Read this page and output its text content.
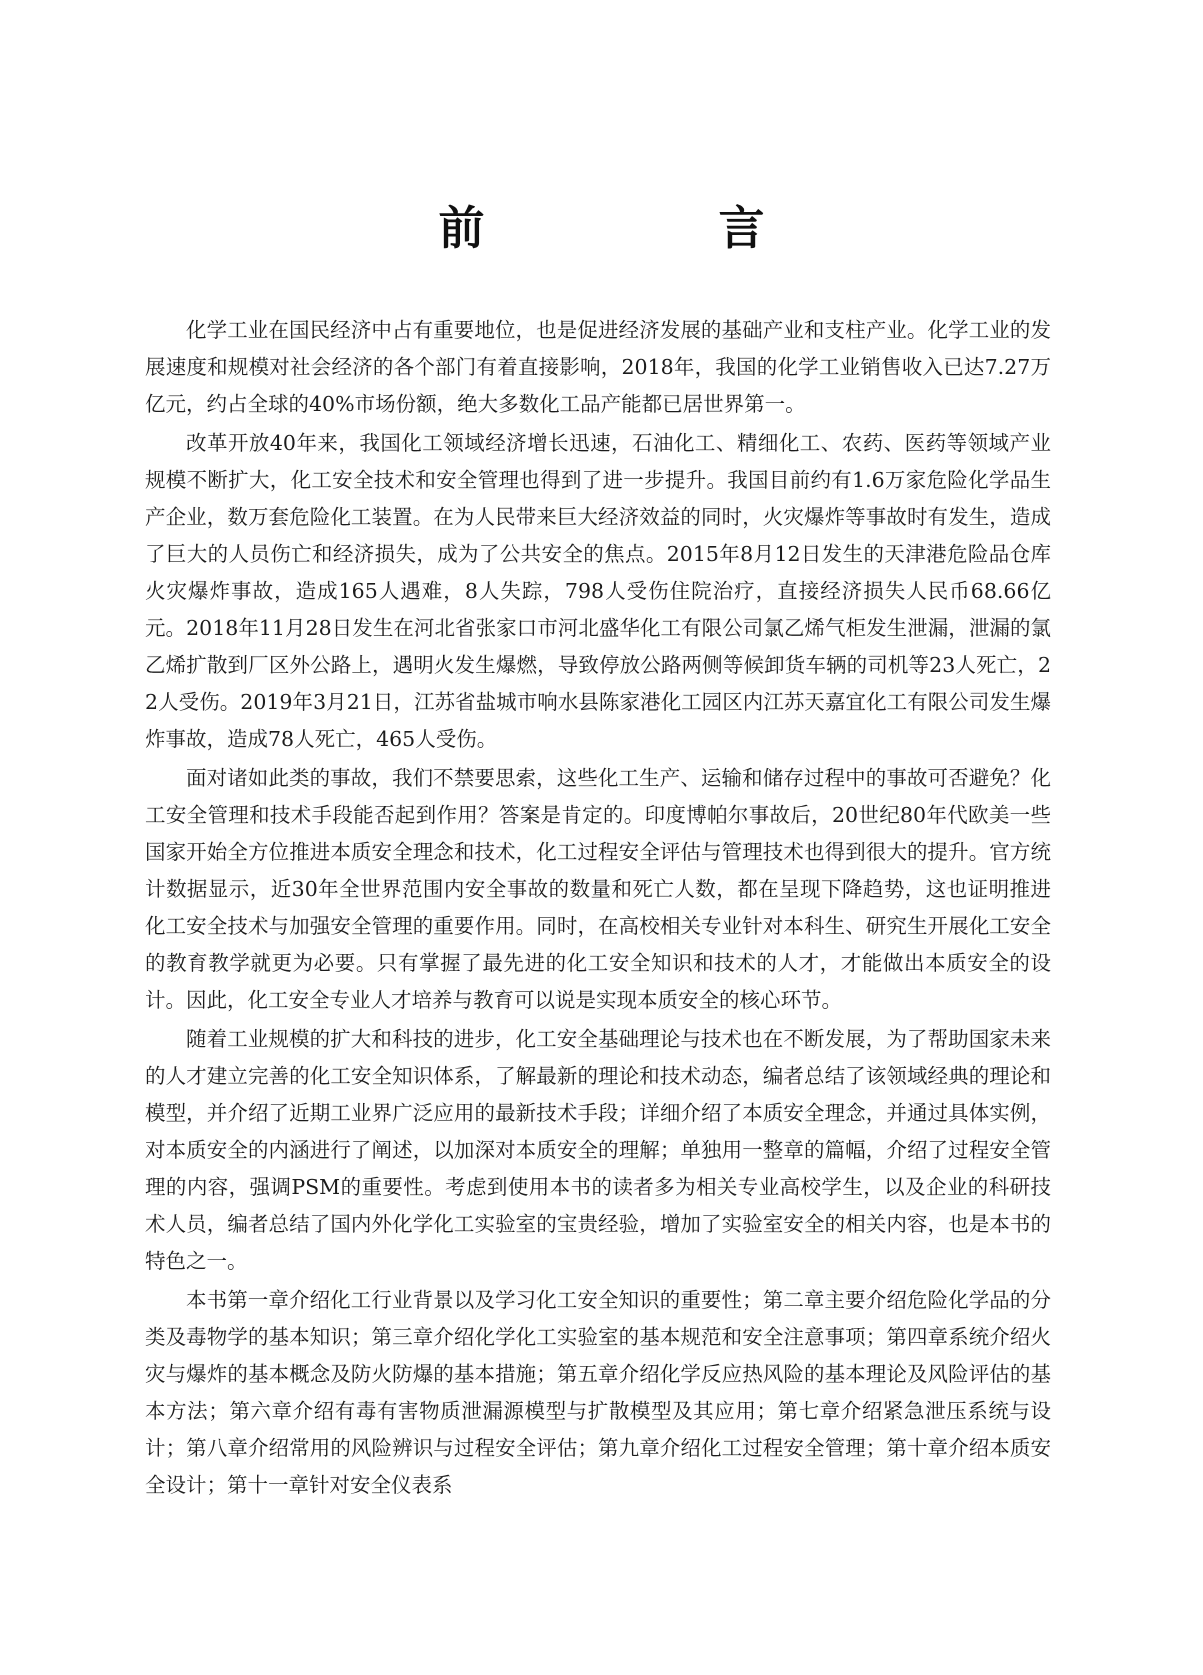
前　言

化学工业在国民经济中占有重要地位，也是促进经济发展的基础产业和支柱产业。化学工业的发展速度和规模对社会经济的各个部门有着直接影响，2018年，我国的化学工业销售收入已达7.27万亿元，约占全球的40%市场份额，绝大多数化工品产能都已居世界第一。

改革开放40年来，我国化工领域经济增长迅速，石油化工、精细化工、农药、医药等领域产业规模不断扩大，化工安全技术和安全管理也得到了进一步提升。我国目前约有1.6万家危险化学品生产企业，数万套危险化工装置。在为人民带来巨大经济效益的同时，火灾爆炸等事故时有发生，造成了巨大的人员伤亡和经济损失，成为了公共安全的焦点。2015年8月12日发生的天津港危险品仓库火灾爆炸事故，造成165人遇难，8人失踪，798人受伤住院治疗，直接经济损失人民币68.66亿元。2018年11月28日发生在河北省张家口市河北盛华化工有限公司氯乙烯气柜发生泄漏，泄漏的氯乙烯扩散到厂区外公路上，遇明火发生爆燃，导致停放公路两侧等候卸货车辆的司机等23人死亡，22人受伤。2019年3月21日，江苏省盐城市响水县陈家港化工园区内江苏天嘉宜化工有限公司发生爆炸事故，造成78人死亡，465人受伤。

面对诸如此类的事故，我们不禁要思索，这些化工生产、运输和储存过程中的事故可否避免？化工安全管理和技术手段能否起到作用？答案是肯定的。印度博帕尔事故后，20世纪80年代欧美一些国家开始全方位推进本质安全理念和技术，化工过程安全评估与管理技术也得到很大的提升。官方统计数据显示，近30年全世界范围内安全事故的数量和死亡人数，都在呈现下降趋势，这也证明推进化工安全技术与加强安全管理的重要作用。同时，在高校相关专业针对本科生、研究生开展化工安全的教育教学就更为必要。只有掌握了最先进的化工安全知识和技术的人才，才能做出本质安全的设计。因此，化工安全专业人才培养与教育可以说是实现本质安全的核心环节。

随着工业规模的扩大和科技的进步，化工安全基础理论与技术也在不断发展，为了帮助国家未来的人才建立完善的化工安全知识体系，了解最新的理论和技术动态，编者总结了该领域经典的理论和模型，并介绍了近期工业界广泛应用的最新技术手段；详细介绍了本质安全理念，并通过具体实例，对本质安全的内涵进行了阐述，以加深对本质安全的理解；单独用一整章的篇幅，介绍了过程安全管理的内容，强调PSM的重要性。考虑到使用本书的读者多为相关专业高校学生，以及企业的科研技术人员，编者总结了国内外化学化工实验室的宝贵经验，增加了实验室安全的相关内容，也是本书的特色之一。

本书第一章介绍化工行业背景以及学习化工安全知识的重要性；第二章主要介绍危险化学品的分类及毒物学的基本知识；第三章介绍化学化工实验室的基本规范和安全注意事项；第四章系统介绍火灾与爆炸的基本概念及防火防爆的基本措施；第五章介绍化学反应热风险的基本理论及风险评估的基本方法；第六章介绍有毒有害物质泄漏源模型与扩散模型及其应用；第七章介绍紧急泄压系统与设计；第八章介绍常用的风险辨识与过程安全评估；第九章介绍化工过程安全管理；第十章介绍本质安全设计；第十一章针对安全仪表系
